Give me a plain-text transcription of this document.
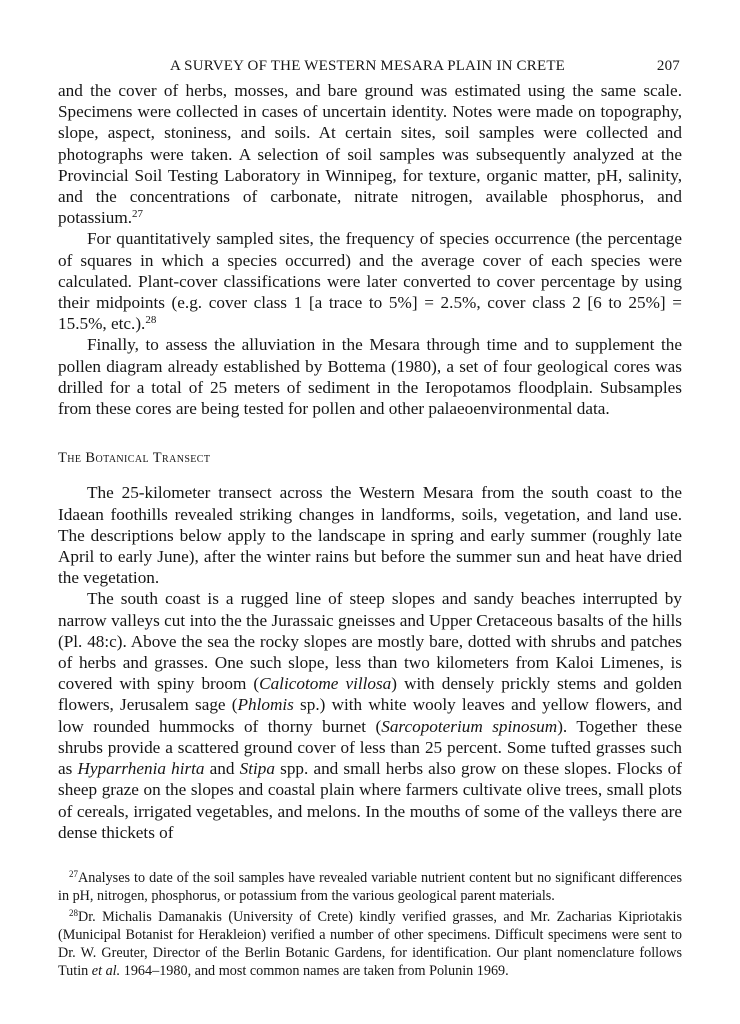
A SURVEY OF THE WESTERN MESARA PLAIN IN CRETE	207

and the cover of herbs, mosses, and bare ground was estimated using the same scale. Specimens were collected in cases of uncertain identity. Notes were made on topography, slope, aspect, stoniness, and soils. At certain sites, soil samples were collected and photographs were taken. A selection of soil samples was subsequently analyzed at the Provincial Soil Testing Laboratory in Winnipeg, for texture, organic matter, pH, salinity, and the concentrations of carbonate, nitrate nitrogen, available phosphorus, and potassium.$^{27}$

For quantitatively sampled sites, the frequency of species occurrence (the percentage of squares in which a species occurred) and the average cover of each species were calculated. Plant-cover classifications were later converted to cover percentage by using their midpoints (e.g. cover class 1 [a trace to 5%] = 2.5%, cover class 2 [6 to 25%] = 15.5%, etc.).$^{28}$

Finally, to assess the alluviation in the Mesara through time and to supplement the pollen diagram already established by Bottema (1980), a set of four geological cores was drilled for a total of 25 meters of sediment in the Ieropotamos floodplain. Subsamples from these cores are being tested for pollen and other palaeoenvironmental data.

The Botanical Transect

The 25-kilometer transect across the Western Mesara from the south coast to the Idaean foothills revealed striking changes in landforms, soils, vegetation, and land use. The descriptions below apply to the landscape in spring and early summer (roughly late April to early June), after the winter rains but before the summer sun and heat have dried the vegetation.

The south coast is a rugged line of steep slopes and sandy beaches interrupted by narrow valleys cut into the the Jurassaic gneisses and Upper Cretaceous basalts of the hills (Pl. 48:c). Above the sea the rocky slopes are mostly bare, dotted with shrubs and patches of herbs and grasses. One such slope, less than two kilometers from Kaloi Limenes, is covered with spiny broom (Calicotome villosa) with densely prickly stems and golden flowers, Jerusalem sage (Phlomis sp.) with white wooly leaves and yellow flowers, and low rounded hummocks of thorny burnet (Sarcopoterium spinosum). Together these shrubs provide a scattered ground cover of less than 25 percent. Some tufted grasses such as Hyparrhenia hirta and Stipa spp. and small herbs also grow on these slopes. Flocks of sheep graze on the slopes and coastal plain where farmers cultivate olive trees, small plots of cereals, irrigated vegetables, and melons. In the mouths of some of the valleys there are dense thickets of

$^{27}$Analyses to date of the soil samples have revealed variable nutrient content but no significant differences in pH, nitrogen, phosphorus, or potassium from the various geological parent materials.

$^{28}$Dr. Michalis Damanakis (University of Crete) kindly verified grasses, and Mr. Zacharias Kipriotakis (Municipal Botanist for Herakleion) verified a number of other specimens. Difficult specimens were sent to Dr. W. Greuter, Director of the Berlin Botanic Gardens, for identification. Our plant nomenclature follows Tutin et al. 1964–1980, and most common names are taken from Polunin 1969.
